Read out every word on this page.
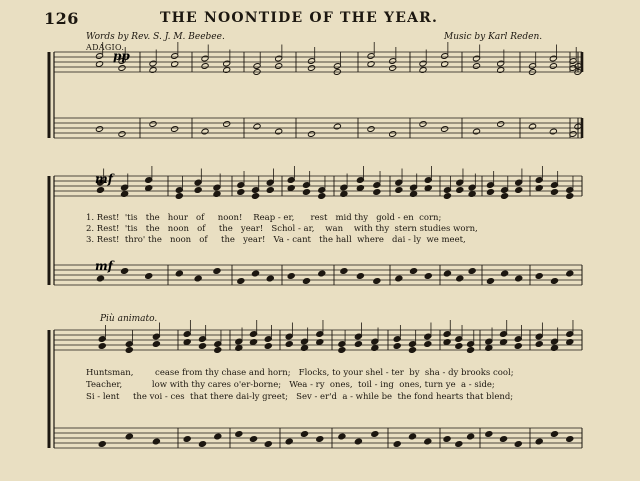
126	THE NOONTIDE OF THE YEAR.
Words by Rev. S. J. M. Beebee.	Music by Karl Reden.
ADAGIO.
Più animato.
pp
mf
mf
1. Rest!  'tis   the   hour   of     noon!    Reap - er,      rest   mid thy   gold - en  corn;
2. Rest!  'tis   the   noon   of     the   year!   Schol - ar,    wan    with thy  stern studies worn,
3. Rest!  thro' the   noon   of     the   year!   Va - cant   the hall  where   dai - ly  we meet,
Huntsman,        cease from thy chase and horn;   Flocks, to your shel - ter  by  sha - dy brooks cool;
Teacher,           low with thy cares o'er-borne;   Wea - ry  ones,  toil - ing  ones, turn ye  a - side;
Si - lent     the voi - ces  that there dai-ly greet;   Sev - er'd  a - while be  the fond hearts that blend;
